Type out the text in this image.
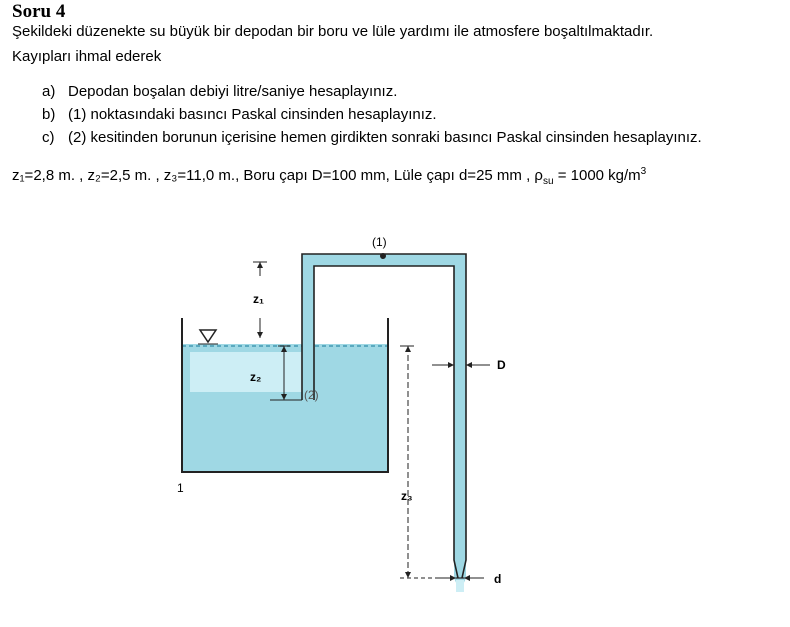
Soru 4
Şekildeki düzenekte su büyük bir depodan bir boru ve lüle yardımı ile atmosfere boşaltılmaktadır.
Kayıpları ihmal ederek
a) Depodan boşalan debiyi litre/saniye hesaplayınız.
b) (1) noktasındaki basıncı Paskal cinsinden hesaplayınız.
c) (2) kesitinden borunun içerisine hemen girdikten sonraki basıncı Paskal cinsinden hesaplayınız.
z₁=2,8 m. , z₂=2,5 m. , z₃=11,0 m., Boru çapı D=100 mm, Lüle çapı d=25 mm , $\rho_{su} = 1000$ $kg/m^3$
(1)
(2)
z₁
z₂
z₃
D
d
1
